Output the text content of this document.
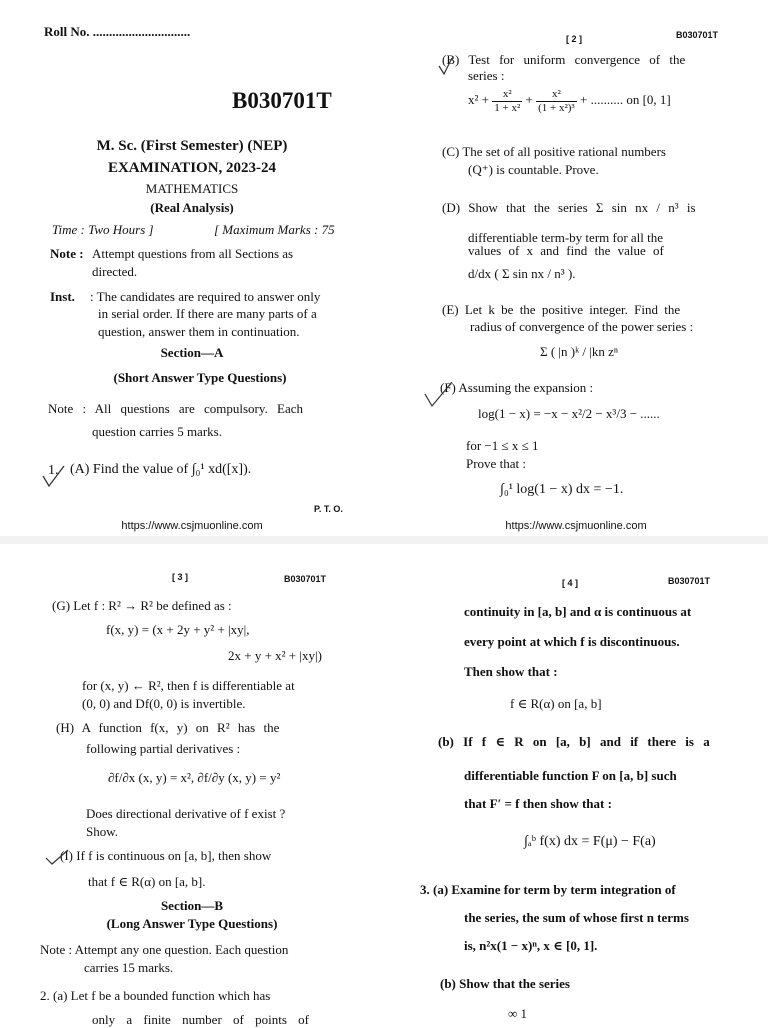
Roll No. ..............................
B030701T
M. Sc. (First Semester) (NEP)
EXAMINATION, 2023-24
MATHEMATICS
(Real Analysis)
Time : Two Hours ]	[ Maximum Marks : 75
Note : Attempt questions from all Sections as
directed.
Inst. : The candidates are required to answer only
in serial order. If there are many parts of a
question, answer them in continuation.
Section—A
(Short Answer Type Questions)
Note : All questions are compulsory. Each
question carries 5 marks.
1. (A) Find the value of ∫₀¹ xd([x]).
P. T. O.
https://www.csjmuonline.com
[ 2 ]	B030701T
(B) Test for uniform convergence of the
series :
$x^2 + \frac{\text{x²}}{\text{1 + x²}} + \frac{\text{x²}}{\text{(1 + x²)³}}$ + .......... on [0, 1]
(C) The set of all positive rational numbers
(Q⁺) is countable. Prove.
(D) Show that the series Σ sin nx / n³ is
differentiable term-by term for all the
values of x and find the value of
d/dx ( Σ sin nx / n³ ).
(E) Let k be the positive integer. Find the
radius of convergence of the power series :
Σ ( |n )ᵏ / |kn zⁿ
(F) Assuming the expansion :
log(1 − x) = −x − x²/2 − x³/3 − ......
for −1 ≤ x ≤ 1
Prove that :
∫₀¹ log(1 − x) dx = −1.
https://www.csjmuonline.com
[ 3 ]	B030701T
(G) Let f : R² → R² be defined as :
f(x, y) = (x + 2y + y² + |xy|,
2x + y + x² + |xy|)
for (x, y) ← R², then f is differentiable at
(0, 0) and Df(0, 0) is invertible.
(H) A function f(x, y) on R² has the
following partial derivatives :
∂f/∂x (x, y) = x², ∂f/∂y (x, y) = y²
Does directional derivative of f exist ?
Show.
(I) If f is continuous on [a, b], then show
that f ∈ R(α) on [a, b].
Section—B
(Long Answer Type Questions)
Note : Attempt any one question. Each question
carries 15 marks.
2. (a) Let f be a bounded function which has
only a finite number of points of
[ 4 ]	B030701T
continuity in [a, b] and α is continuous at
every point at which f is discontinuous.
Then show that :
f ∈ R(α) on [a, b]
(b) If f ∈ R on [a, b] and if there is a
differentiable function F on [a, b] such
that F′ = f then show that :
∫ₐᵇ f(x) dx = F(μ) − F(a)
3. (a) Examine for term by term integration of
the series, the sum of whose first n terms
is, n²x(1 − x)ⁿ, x ∈ [0, 1].
(b) Show that the series
∞ 1
